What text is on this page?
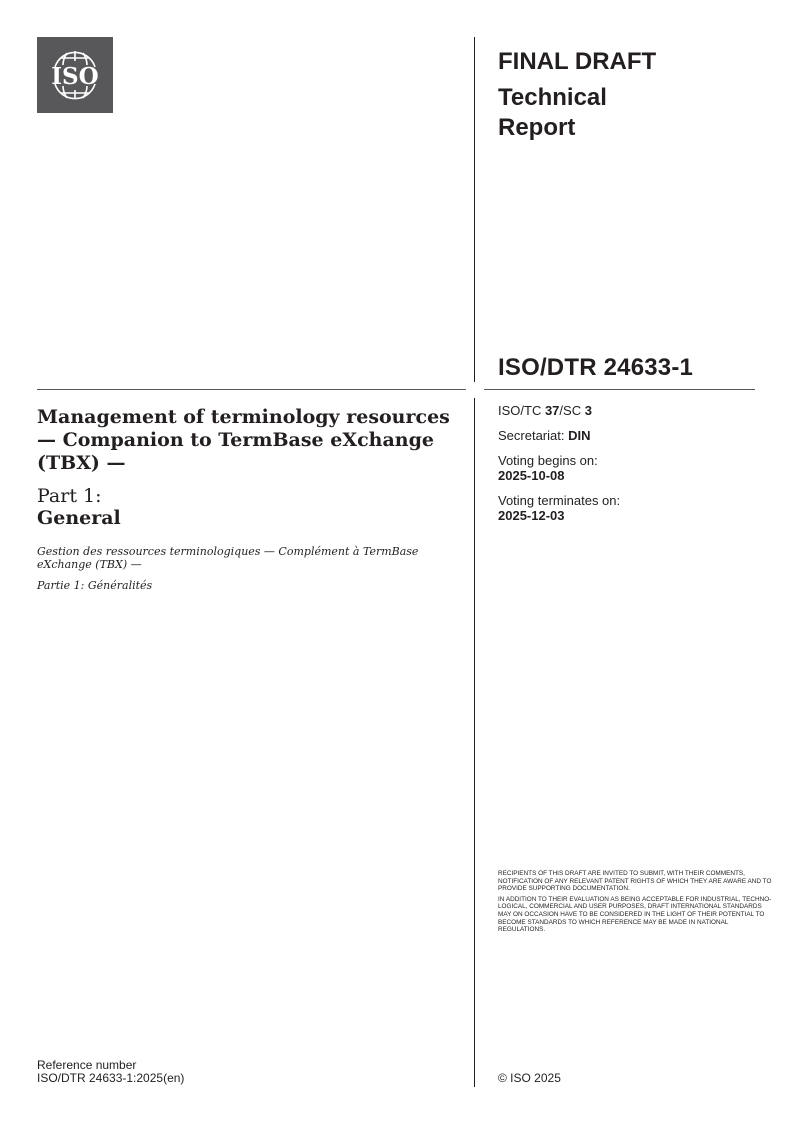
ISO
FINAL DRAFT
Technical
Report
ISO/DTR 24633-1
Management of terminology resources — Companion to TermBase eXchange (TBX) —
Part 1:
General
Gestion des ressources terminologiques — Complément à TermBase eXchange (TBX) —
Partie 1: Généralités
ISO/TC 37/SC 3
Secretariat: DIN
Voting begins on:
2025-10-08
Voting terminates on:
2025-12-03

RECIPIENTS OF THIS DRAFT ARE INVITED TO SUBMIT, WITH THEIR COMMENTS, NOTIFICATION OF ANY RELEVANT PATENT RIGHTS OF WHICH THEY ARE AWARE AND TO PROVIDE SUPPORTING DOCUMENTATION.

IN ADDITION TO THEIR EVALUATION AS BEING ACCEPTABLE FOR INDUSTRIAL, TECHNO-LOGICAL, COMMERCIAL AND USER PURPOSES, DRAFT INTERNATIONAL STANDARDS MAY ON OCCASION HAVE TO BE CONSIDERED IN THE LIGHT OF THEIR POTENTIAL TO BECOME STANDARDS TO WHICH REFERENCE MAY BE MADE IN NATIONAL REGULATIONS.

Reference number
ISO/DTR 24633-1:2025(en)	© ISO 2025
